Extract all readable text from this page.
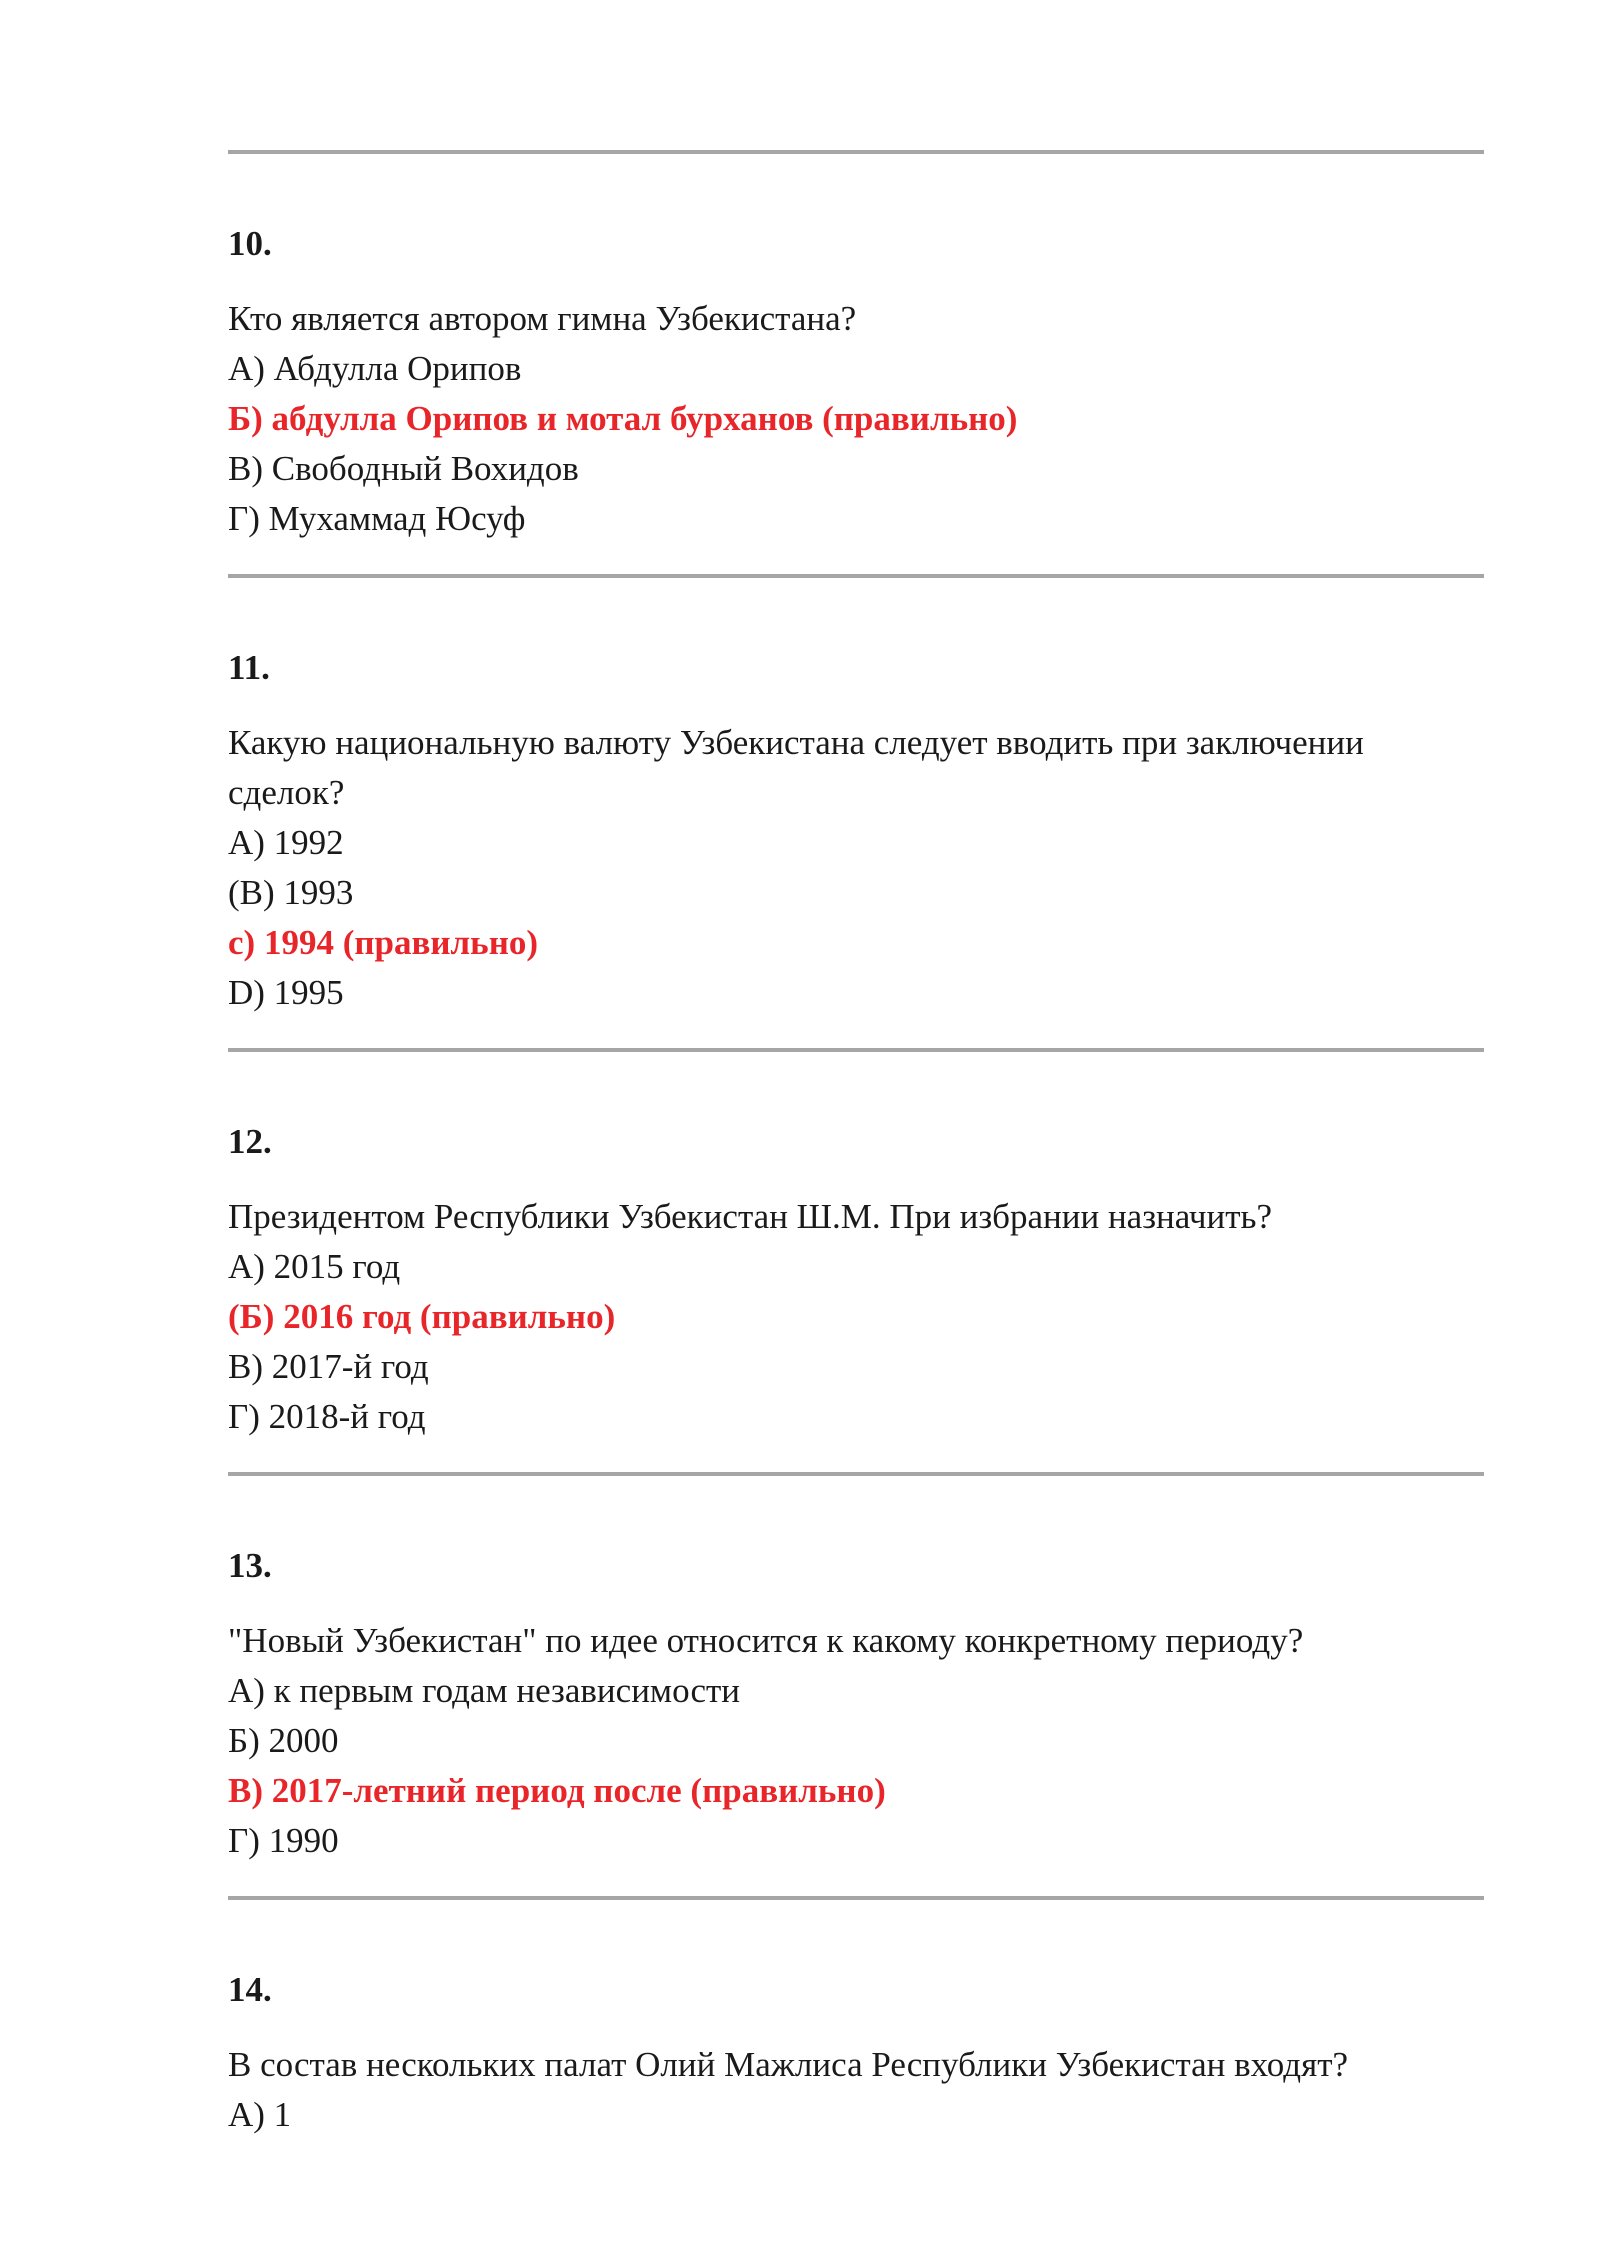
10.

Кто является автором гимна Узбекистана?

А) Абдулла Орипов

Б) абдулла Орипов и мотал бурханов (правильно)

В) Свободный Вохидов

Г) Мухаммад Юсуф

11.

Какую национальную валюту Узбекистана следует вводить при заключении сделок?

A) 1992

(B) 1993

с) 1994 (правильно)

D) 1995

12.

Президентом Республики Узбекистан Ш.М. При избрании назначить?

A) 2015 год

(Б) 2016 год (правильно)

В) 2017-й год

Г) 2018-й год

13.

"Новый Узбекистан" по идее относится к какому конкретному периоду?

А) к первым годам независимости

Б) 2000

В) 2017-летний период после (правильно)

Г) 1990

14.

В состав нескольких палат Олий Мажлиса Республики Узбекистан входят?

A) 1
